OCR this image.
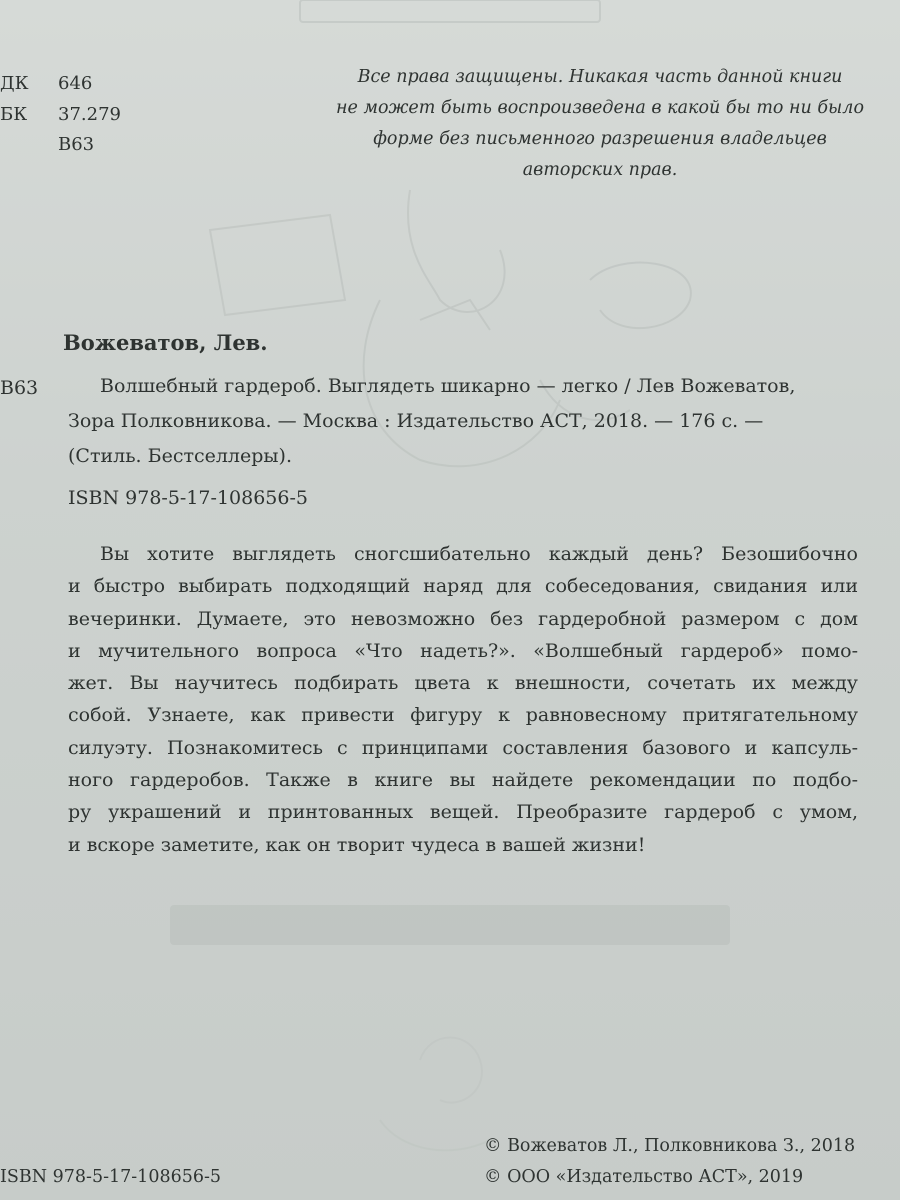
ДК 646
БК 37.279
В63
Все права защищены. Никакая часть данной книги
не может быть воспроизведена в какой бы то ни было
форме без письменного разрешения владельцев
авторских прав.
Вожеватов, Лев.
В63	Волшебный гардероб. Выглядеть шикарно — легко / Лев Вожеватов,
Зора Полковникова. — Москва : Издательство АСТ, 2018. — 176 с. —
(Стиль. Бестселлеры).
ISBN 978-5-17-108656-5
Вы хотите выглядеть сногсшибательно каждый день? Безошибочно
и быстро выбирать подходящий наряд для собеседования, свидания или
вечеринки. Думаете, это невозможно без гардеробной размером с дом
и мучительного вопроса «Что надеть?». «Волшебный гардероб» помо-
жет. Вы научитесь подбирать цвета к внешности, сочетать их между
собой. Узнаете, как привести фигуру к равновесному притягательному
силуэту. Познакомитесь с принципами составления базового и капсуль-
ного гардеробов. Также в книге вы найдете рекомендации по подбо-
ру украшений и принтованных вещей. Преобразите гардероб с умом,
и вскоре заметите, как он творит чудеса в вашей жизни!
© Вожеватов Л., Полковникова З., 2018
© ООО «Издательство АСТ», 2019
ISBN 978-5-17-108656-5
